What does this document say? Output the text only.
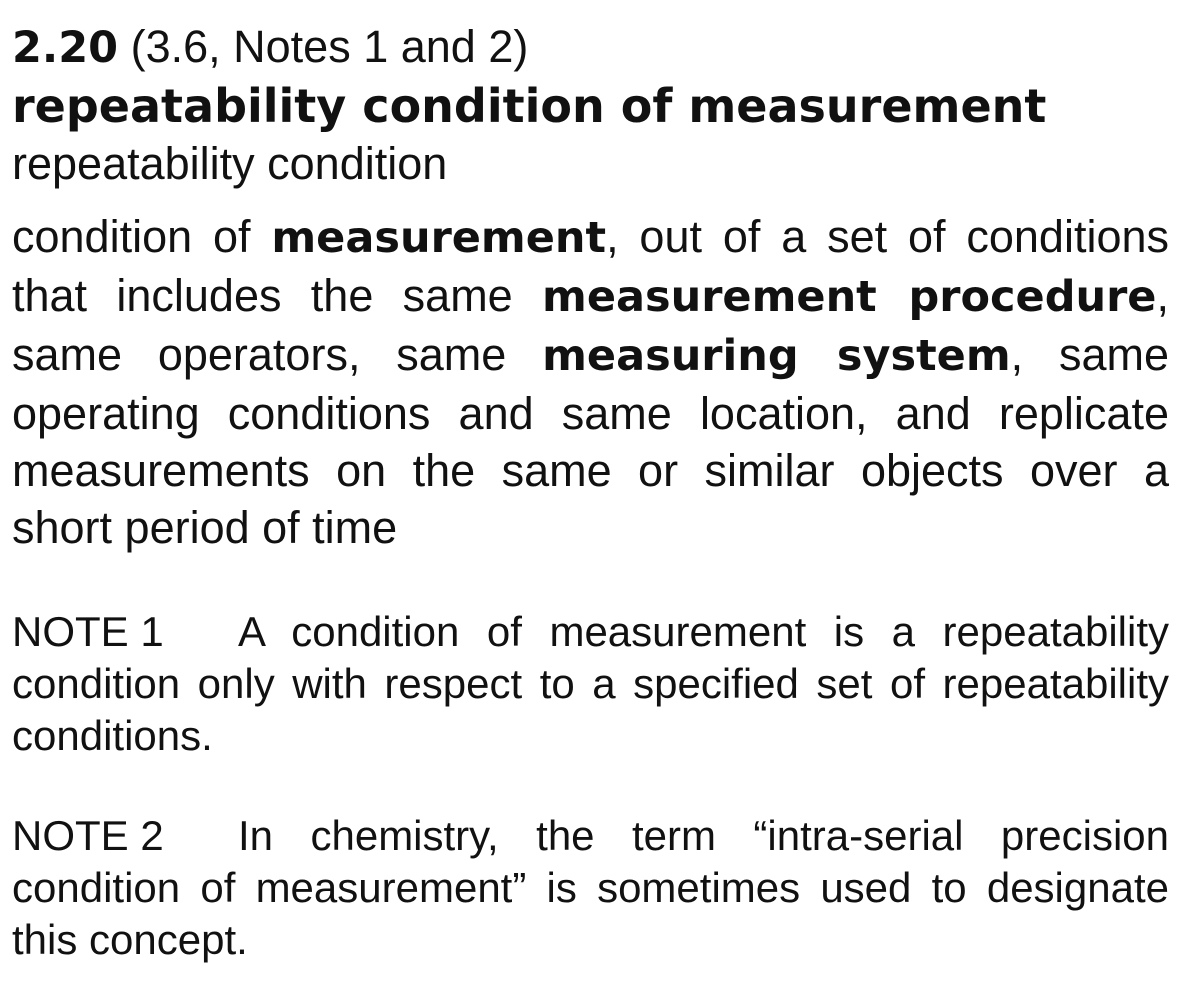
2.20 (3.6, Notes 1 and 2)
repeatability condition of measurement
repeatability condition
condition of measurement, out of a set of conditions that includes the same measurement procedure, same operators, same measuring system, same operating conditions and same location, and replicate measurements on the same or similar objects over a short period of time
NOTE 1 A condition of measurement is a repeatability condition only with respect to a specified set of repeatability conditions.
NOTE 2 In chemistry, the term “intra-serial precision condition of measurement” is sometimes used to designate this concept.
